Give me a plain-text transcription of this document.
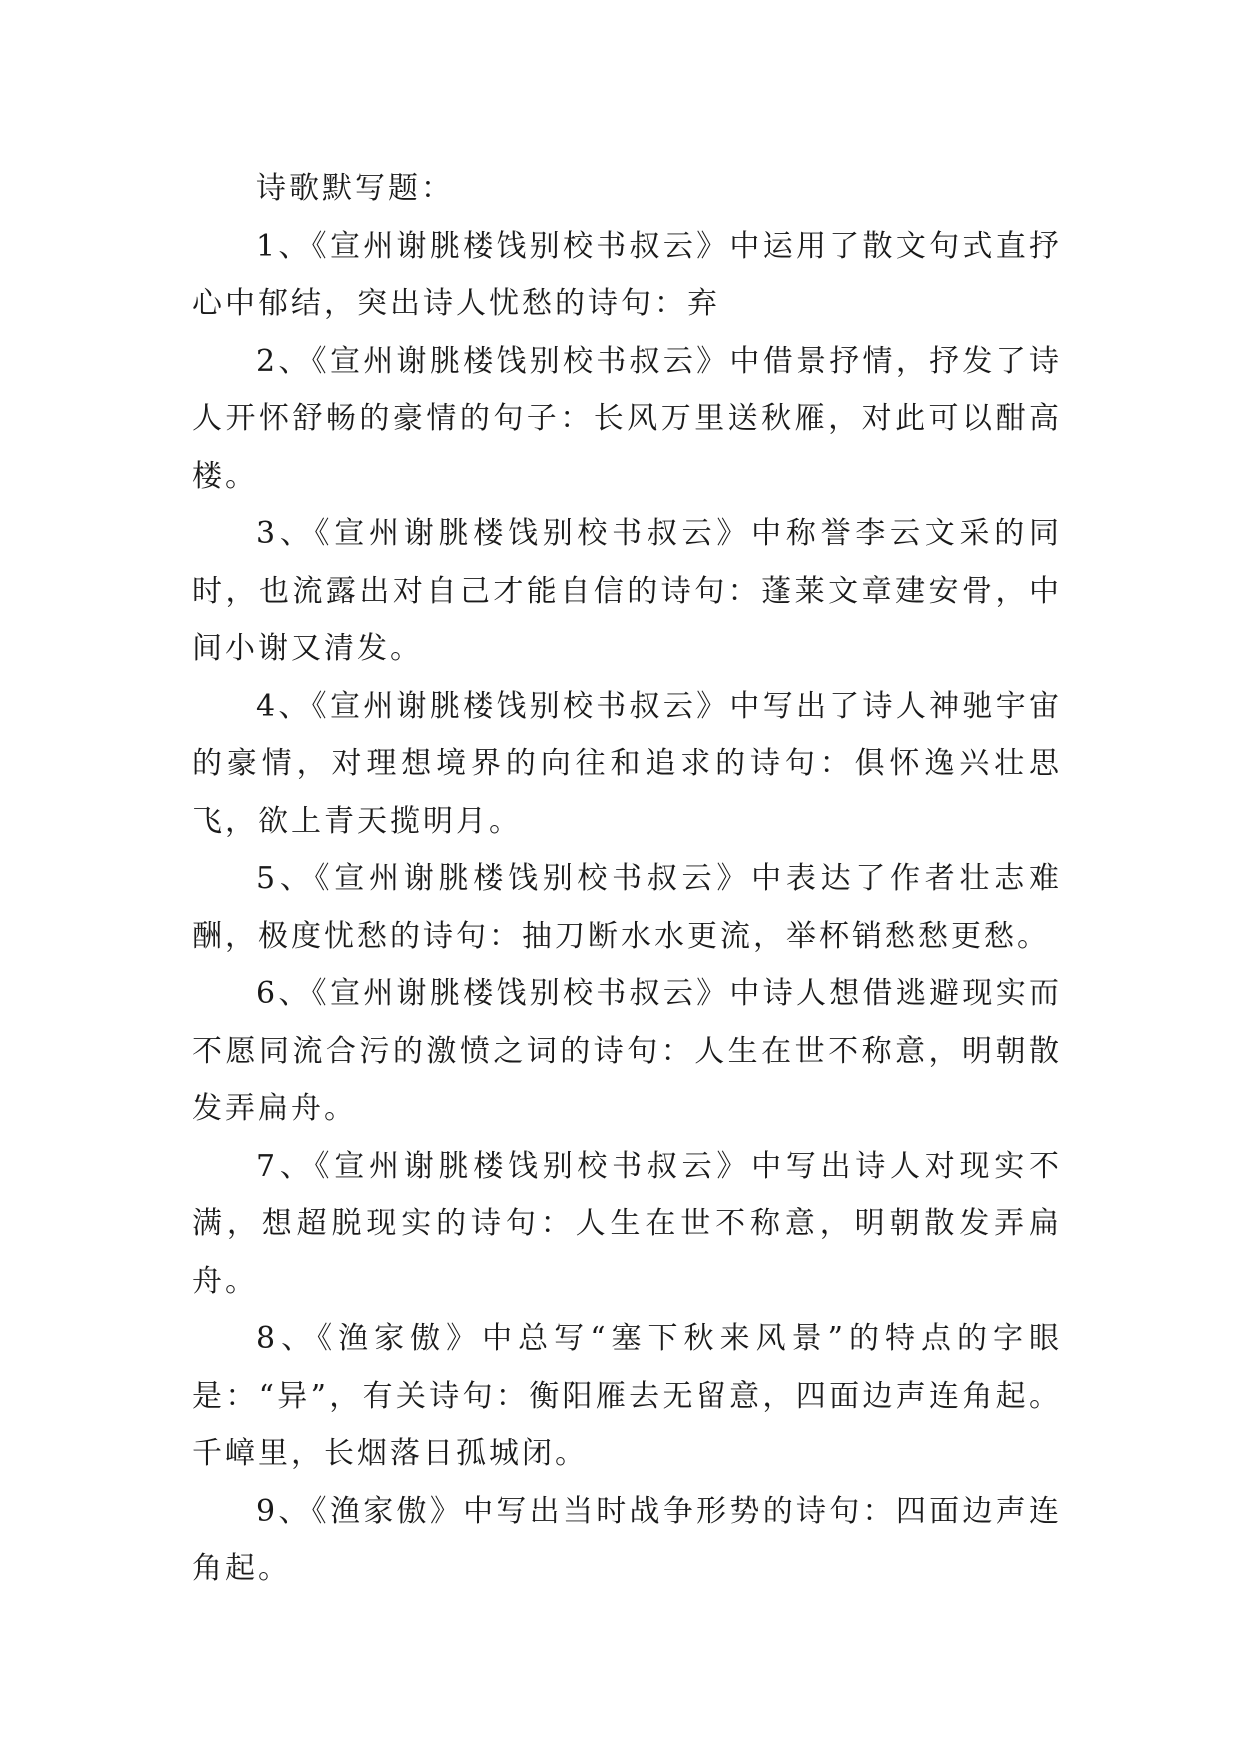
诗歌默写题：

1、《宣州谢朓楼饯别校书叔云》中运用了散文句式直抒心中郁结，突出诗人忧愁的诗句：弃

2、《宣州谢朓楼饯别校书叔云》中借景抒情，抒发了诗人开怀舒畅的豪情的句子：长风万里送秋雁，对此可以酣高楼。

3、《宣州谢朓楼饯别校书叔云》中称誉李云文采的同时，也流露出对自己才能自信的诗句：蓬莱文章建安骨，中间小谢又清发。

4、《宣州谢朓楼饯别校书叔云》中写出了诗人神驰宇宙的豪情，对理想境界的向往和追求的诗句：俱怀逸兴壮思飞，欲上青天揽明月。

5、《宣州谢朓楼饯别校书叔云》中表达了作者壮志难酬，极度忧愁的诗句：抽刀断水水更流，举杯销愁愁更愁。

6、《宣州谢朓楼饯别校书叔云》中诗人想借逃避现实而不愿同流合污的激愤之词的诗句：人生在世不称意，明朝散发弄扁舟。

7、《宣州谢朓楼饯别校书叔云》中写出诗人对现实不满，想超脱现实的诗句：人生在世不称意，明朝散发弄扁舟。

8、《渔家傲》中总写“塞下秋来风景”的特点的字眼是：“异”，有关诗句：衡阳雁去无留意，四面边声连角起。千嶂里，长烟落日孤城闭。

9、《渔家傲》中写出当时战争形势的诗句：四面边声连角起。
